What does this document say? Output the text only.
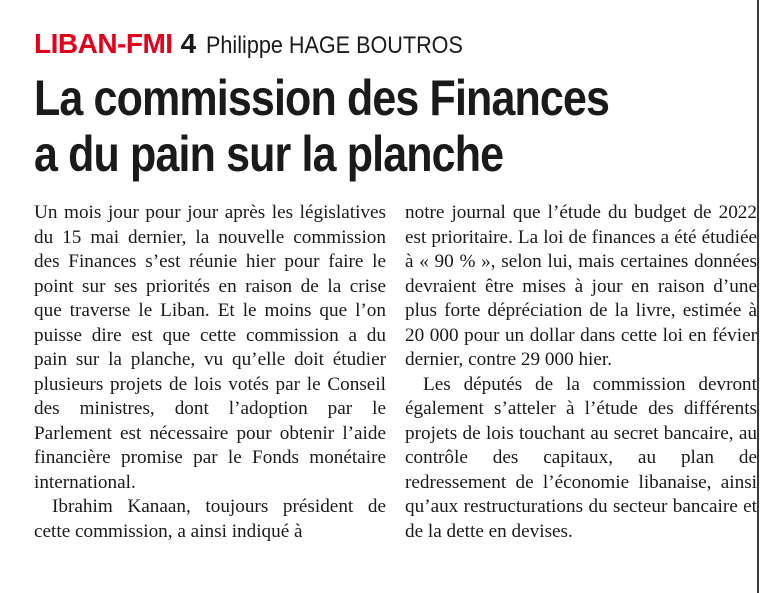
LIBAN-FMI 4 Philippe HAGE BOUTROS
La commission des Finances
a du pain sur la planche

Un mois jour pour jour après les législatives du 15 mai dernier, la nouvelle commission des Finances s’est réunie hier pour faire le point sur ses priorités en raison de la crise que traverse le Liban. Et le moins que l’on puisse dire est que cette commission a du pain sur la planche, vu qu’elle doit étudier plusieurs projets de lois votés par le Conseil des ministres, dont l’adoption par le Parlement est nécessaire pour obtenir l’aide financière promise par le Fonds monétaire international.

Ibrahim Kanaan, toujours président de cette commission, a ainsi indiqué à

notre journal que l’étude du budget de 2022 est prioritaire. La loi de finances a été étudiée à « 90 % », selon lui, mais certaines données devraient être mises à jour en raison d’une plus forte dépréciation de la livre, estimée à 20 000 pour un dollar dans cette loi en févier dernier, contre 29 000 hier.

Les députés de la commission devront également s’atteler à l’étude des différents projets de lois touchant au secret bancaire, au contrôle des capitaux, au plan de redressement de l’économie libanaise, ainsi qu’aux restructurations du secteur bancaire et de la dette en devises.
